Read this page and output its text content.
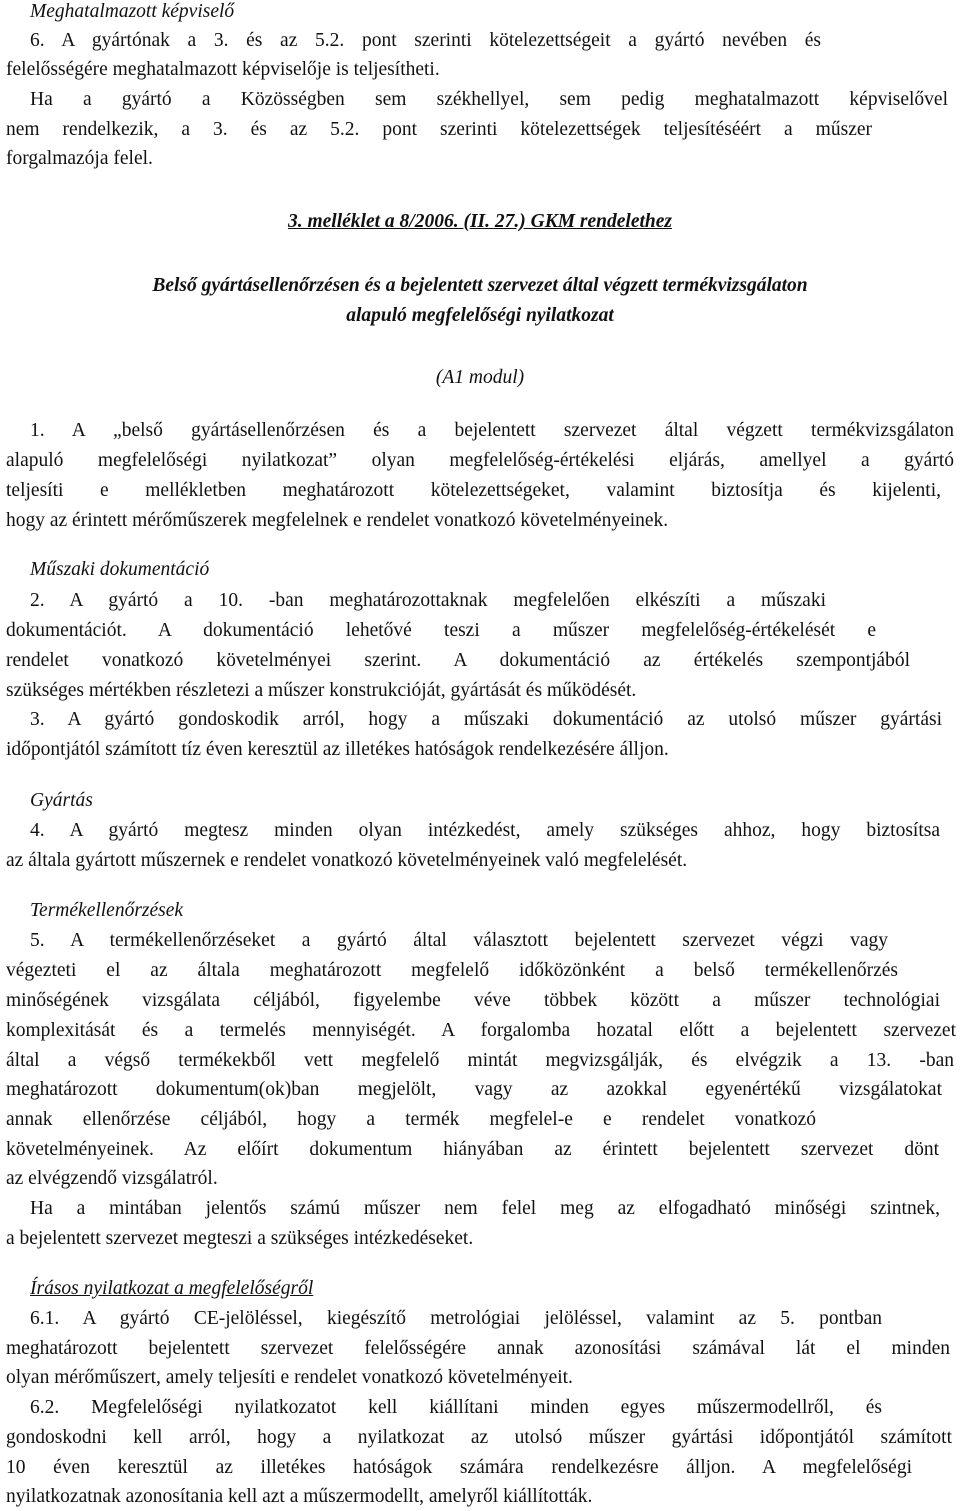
Meghatalmazott képviselő
6. A gyártónak a 3. és az 5.2. pont szerinti kötelezettségeit a gyártó nevében és
felelősségére meghatalmazott képviselője is teljesítheti.
Ha a gyártó a Közösségben sem székhellyel, sem pedig meghatalmazott képviselővel
nem rendelkezik, a 3. és az 5.2. pont szerinti kötelezettségek teljesítéséért a műszer
forgalmazója felel.
3. melléklet a 8/2006. (II. 27.) GKM rendelethez
Belső gyártásellenőrzésen és a bejelentett szervezet által végzett termékvizsgálaton
alapuló megfelelőségi nyilatkozat
(A1 modul)
1. A „belső gyártásellenőrzésen és a bejelentett szervezet által végzett termékvizsgálaton
alapuló megfelelőségi nyilatkozat” olyan megfelelőség-értékelési eljárás, amellyel a gyártó
teljesíti e mellékletben meghatározott kötelezettségeket, valamint biztosítja és kijelenti,
hogy az érintett mérőműszerek megfelelnek e rendelet vonatkozó követelményeinek.
Műszaki dokumentáció
2. A gyártó a 10. -ban meghatározottaknak megfelelően elkészíti a műszaki
dokumentációt. A dokumentáció lehetővé teszi a műszer megfelelőség-értékelését e
rendelet vonatkozó követelményei szerint. A dokumentáció az értékelés szempontjából
szükséges mértékben részletezi a műszer konstrukcióját, gyártását és működését.
3. A gyártó gondoskodik arról, hogy a műszaki dokumentáció az utolsó műszer gyártási
időpontjától számított tíz éven keresztül az illetékes hatóságok rendelkezésére álljon.
Gyártás
4. A gyártó megtesz minden olyan intézkedést, amely szükséges ahhoz, hogy biztosítsa
az általa gyártott műszernek e rendelet vonatkozó követelményeinek való megfelelését.
Termékellenőrzések
5. A termékellenőrzéseket a gyártó által választott bejelentett szervezet végzi vagy
végezteti el az általa meghatározott megfelelő időközönként a belső termékellenőrzés
minőségének vizsgálata céljából, figyelembe véve többek között a műszer technológiai
komplexitását és a termelés mennyiségét. A forgalomba hozatal előtt a bejelentett szervezet
által a végső termékekből vett megfelelő mintát megvizsgálják, és elvégzik a 13. -ban
meghatározott dokumentum(ok)ban megjelölt, vagy az azokkal egyenértékű vizsgálatokat
annak ellenőrzése céljából, hogy a termék megfelel-e e rendelet vonatkozó
követelményeinek. Az előírt dokumentum hiányában az érintett bejelentett szervezet dönt
az elvégzendő vizsgálatról.
Ha a mintában jelentős számú műszer nem felel meg az elfogadható minőségi szintnek,
a bejelentett szervezet megteszi a szükséges intézkedéseket.
Írásos nyilatkozat a megfelelőségről
6.1. A gyártó CE-jelöléssel, kiegészítő metrológiai jelöléssel, valamint az 5. pontban
meghatározott bejelentett szervezet felelősségére annak azonosítási számával lát el minden
olyan mérőműszert, amely teljesíti e rendelet vonatkozó követelményeit.
6.2. Megfelelőségi nyilatkozatot kell kiállítani minden egyes műszermodellről, és
gondoskodni kell arról, hogy a nyilatkozat az utolsó műszer gyártási időpontjától számított
10 éven keresztül az illetékes hatóságok számára rendelkezésre álljon. A megfelelőségi
nyilatkozatnak azonosítania kell azt a műszermodellt, amelyről kiállították.
